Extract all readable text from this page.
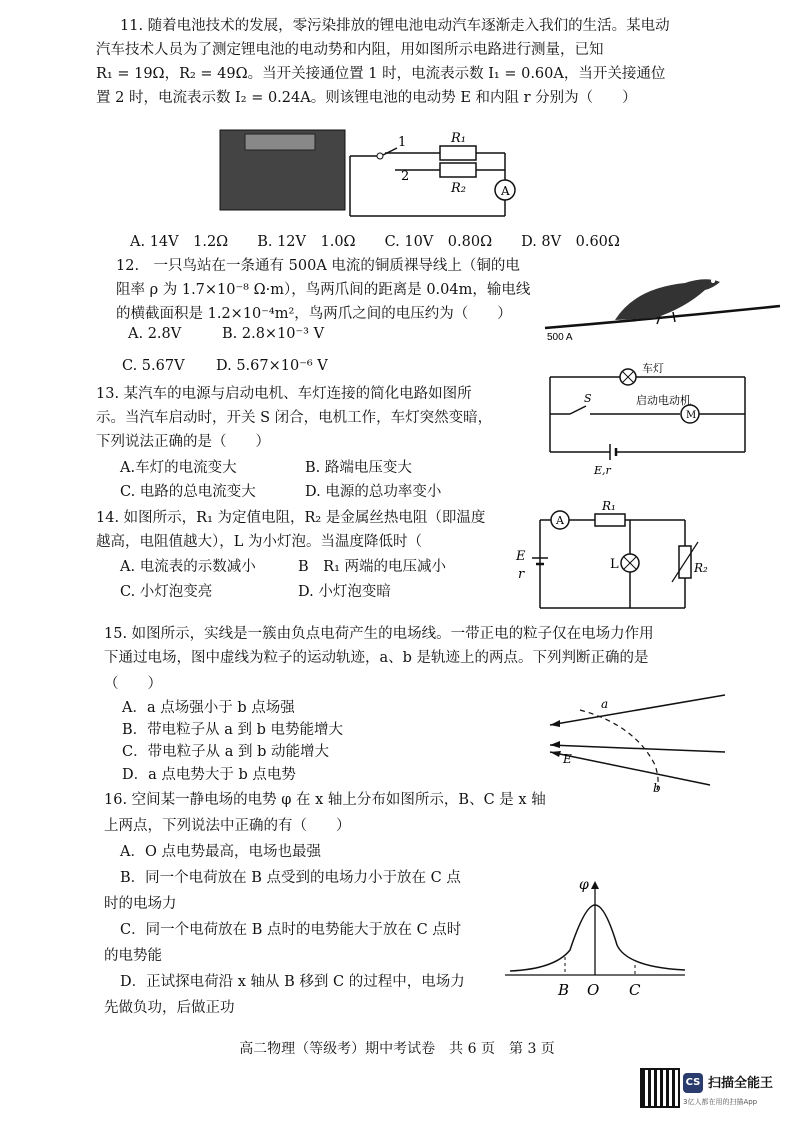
11. 随着电池技术的发展，零污染排放的锂电池电动汽车逐渐走入我们的生活。某电动
汽车技术人员为了测定锂电池的电动势和内阻，用如图所示电路进行测量，已知
R₁ = 19Ω，R₂ = 49Ω。当开关接通位置 1 时，电流表示数 I₁ = 0.60A，当开关接通位
置 2 时，电流表示数 I₂ = 0.24A。则该锂电池的电动势 E 和内阻 r 分别为（　　）
R₁
R₂
1
2
A
A. 14V　1.2Ω　　B. 12V　1.0Ω　　C. 10V　0.80Ω　　D. 8V　0.60Ω
12.　一只鸟站在一条通有 500A 电流的铜质裸导线上（铜的电
阻率 ρ 为 1.7×10⁻⁸ Ω·m），鸟两爪间的距离是 0.04m，输电线
的横截面积是 1.2×10⁻⁴m²，鸟两爪之间的电压约为（　　）
A. 2.8V	B. 2.8×10⁻³ V
C. 5.67V D. 5.67×10⁻⁶ V
500 A
13. 某汽车的电源与启动电机、车灯连接的简化电路如图所
示。当汽车启动时，开关 S 闭合，电机工作，车灯突然变暗，
下列说法正确的是（　　）
A.车灯的电流变大	B. 路端电压变大
C. 电路的总电流变大	D. 电源的总功率变小
车灯
启动电动机
S
M
E,r
14. 如图所示，R₁ 为定值电阻，R₂ 是金属丝热电阻（即温度
越高，电阻值越大），L 为小灯泡。当温度降低时（
A. 电流表的示数减小	B　R₁ 两端的电压减小
C. 小灯泡变亮	D. 小灯泡变暗
A
R₁
R₂
L
E
r
15. 如图所示，实线是一簇由负点电荷产生的电场线。一带正电的粒子仅在电场力作用
下通过电场，图中虚线为粒子的运动轨迹，a、b 是轨迹上的两点。下列判断正确的是
（　　）
A．a 点场强小于 b 点场强
B．带电粒子从 a 到 b 电势能增大
C．带电粒子从 a 到 b 动能增大
D．a 点电势大于 b 点电势
a
b
E
16. 空间某一静电场的电势 φ 在 x 轴上分布如图所示，B、C 是 x 轴
上两点，下列说法中正确的有（　　）
A．O 点电势最高，电场也最强
B．同一个电荷放在 B 点受到的电场力小于放在 C 点
时的电场力
C．同一个电荷放在 B 点时的电势能大于放在 C 点时
的电势能
D．正试探电荷沿 x 轴从 B 移到 C 的过程中，电场力
先做负功，后做正功
φ
B O C
高二物理（等级考）期中考试卷　共 6 页　第 3 页
CS 扫描全能王
3亿人都在用的扫描App
